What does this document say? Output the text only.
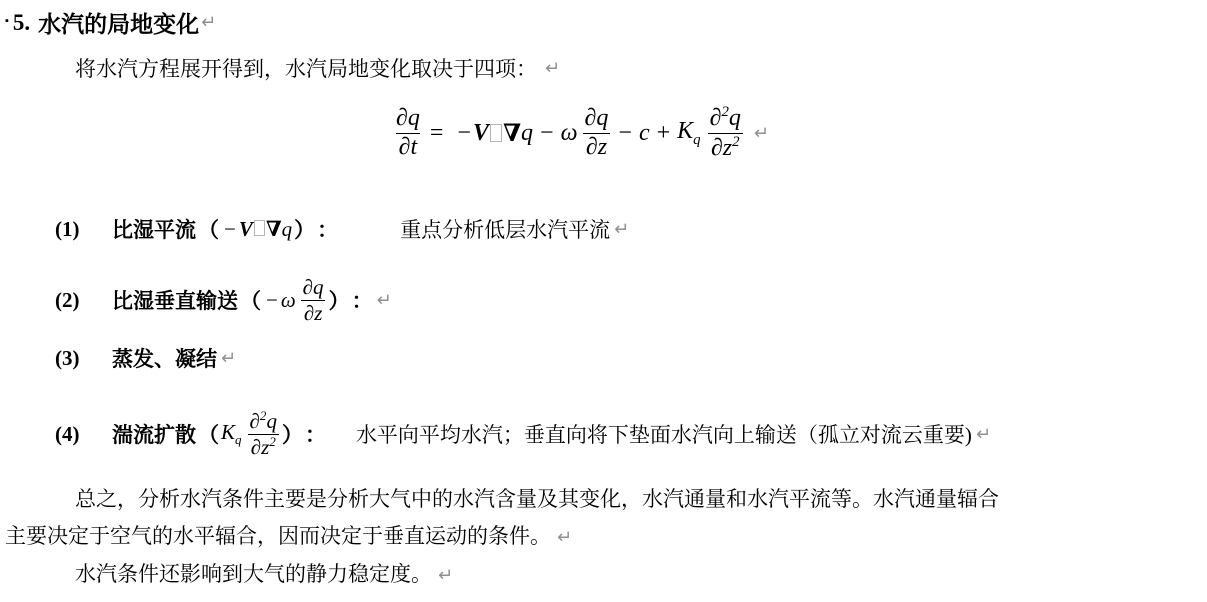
▪ 5. 水汽的局地变化 ↵
将水汽方程展开得到，水汽局地变化取决于四项： ↵
$\frac{\partial q}{\partial t}$ = − V ∇ q − ω $\frac{\partial q}{\partial z} - c + K_q \frac{\partial^2q}{\partial z^2}$ ↵
(1) 比湿平流 （ − V ∇q ） ：	重点分析低层水汽平流 ↵
(2) 比湿垂直输送 （ − ω $\frac{\partial q}{\partial z}$ ） ： ↵
(3) 蒸发、凝结 ↵
(4) 湍流扩散 （ $K_q \frac{\partial^2q}{\partial z^2}$ ） ： 水平向平均水汽；垂直向将下垫面水汽向上输送（孤立对流云重要) ↵
总之，分析水汽条件主要是分析大气中的水汽含量及其变化，水汽通量和水汽平流等。水汽通量辐合
主要决定于空气的水平辐合，因而决定于垂直运动的条件。 ↵
水汽条件还影响到大气的静力稳定度。 ↵
